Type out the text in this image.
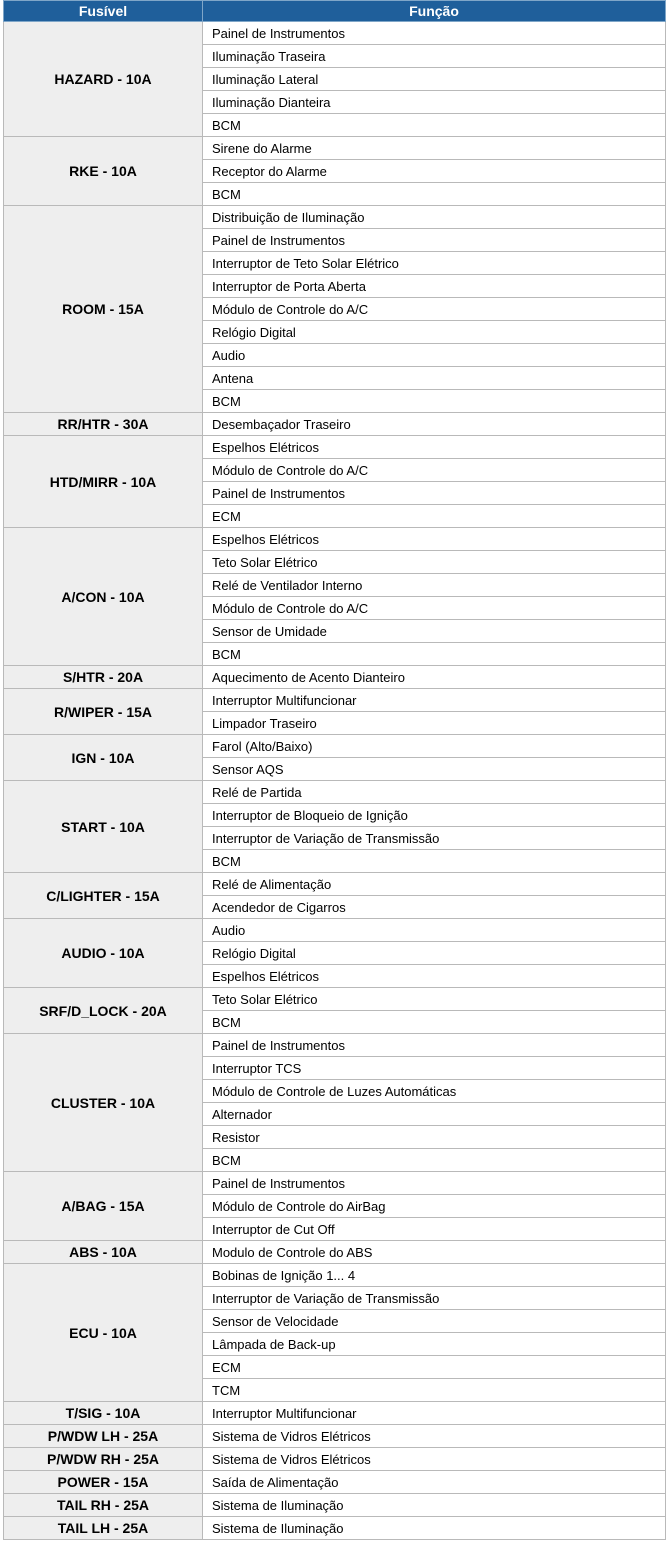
Fusível	Função
HAZARD - 10A	Painel de Instrumentos
	Iluminação Traseira
	Iluminação Lateral
	Iluminação Dianteira
	BCM
RKE - 10A	Sirene do Alarme
	Receptor do Alarme
	BCM
ROOM - 15A	Distribuição de Iluminação
	Painel de Instrumentos
	Interruptor de Teto Solar Elétrico
	Interruptor de Porta Aberta
	Módulo de Controle do A/C
	Relógio Digital
	Audio
	Antena
	BCM
RR/HTR - 30A	Desembaçador Traseiro
HTD/MIRR - 10A	Espelhos Elétricos
	Módulo de Controle do A/C
	Painel de Instrumentos
	ECM
A/CON - 10A	Espelhos Elétricos
	Teto Solar Elétrico
	Relé de Ventilador Interno
	Módulo de Controle do A/C
	Sensor de Umidade
	BCM
S/HTR - 20A	Aquecimento de Acento Dianteiro
R/WIPER - 15A	Interruptor Multifuncionar
	Limpador Traseiro
IGN - 10A	Farol (Alto/Baixo)
	Sensor AQS
START - 10A	Relé de Partida
	Interruptor de Bloqueio de Ignição
	Interruptor de Variação de Transmissão
	BCM
C/LIGHTER - 15A	Relé de Alimentação
	Acendedor de Cigarros
AUDIO - 10A	Audio
	Relógio Digital
	Espelhos Elétricos
SRF/D_LOCK - 20A	Teto Solar Elétrico
	BCM
CLUSTER - 10A	Painel de Instrumentos
	Interruptor TCS
	Módulo de Controle de Luzes Automáticas
	Alternador
	Resistor
	BCM
A/BAG - 15A	Painel de Instrumentos
	Módulo de Controle do AirBag
	Interruptor de Cut Off
ABS - 10A	Modulo de Controle do ABS
ECU - 10A	Bobinas de Ignição 1... 4
	Interruptor de Variação de Transmissão
	Sensor de Velocidade
	Lâmpada de Back-up
	ECM
	TCM
T/SIG - 10A	Interruptor Multifuncionar
P/WDW LH - 25A	Sistema de Vidros Elétricos
P/WDW RH - 25A	Sistema de Vidros Elétricos
POWER - 15A	Saída de Alimentação
TAIL RH - 25A	Sistema de Iluminação
TAIL LH - 25A	Sistema de Iluminação
